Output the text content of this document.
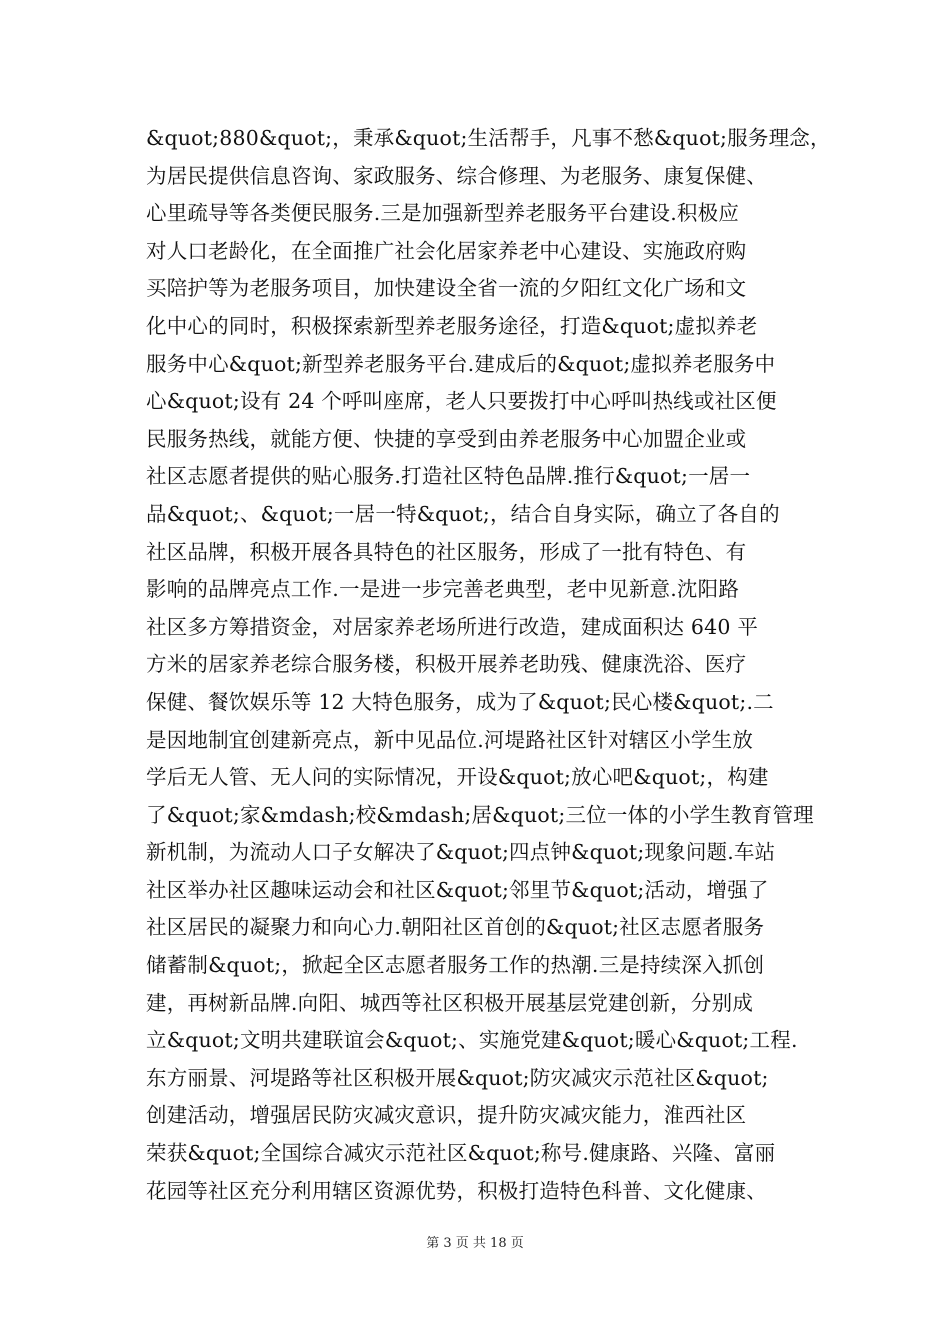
&quot;880&quot;，秉承&quot;生活帮手，凡事不愁&quot;服务理念，
为居民提供信息咨询、家政服务、综合修理、为老服务、康复保健、
心里疏导等各类便民服务.三是加强新型养老服务平台建设.积极应
对人口老龄化，在全面推广社会化居家养老中心建设、实施政府购
买陪护等为老服务项目，加快建设全省一流的夕阳红文化广场和文
化中心的同时，积极探索新型养老服务途径，打造&quot;虚拟养老
服务中心&quot;新型养老服务平台.建成后的&quot;虚拟养老服务中
心&quot;设有 24 个呼叫座席，老人只要拨打中心呼叫热线或社区便
民服务热线，就能方便、快捷的享受到由养老服务中心加盟企业或
社区志愿者提供的贴心服务.打造社区特色品牌.推行&quot;一居一
品&quot;、&quot;一居一特&quot;，结合自身实际，确立了各自的
社区品牌，积极开展各具特色的社区服务，形成了一批有特色、有
影响的品牌亮点工作.一是进一步完善老典型，老中见新意.沈阳路
社区多方筹措资金，对居家养老场所进行改造，建成面积达 640 平
方米的居家养老综合服务楼，积极开展养老助残、健康洗浴、医疗
保健、餐饮娱乐等 12 大特色服务，成为了&quot;民心楼&quot;.二
是因地制宜创建新亮点，新中见品位.河堤路社区针对辖区小学生放
学后无人管、无人问的实际情况，开设&quot;放心吧&quot;，构建
了&quot;家&mdash;校&mdash;居&quot;三位一体的小学生教育管理
新机制，为流动人口子女解决了&quot;四点钟&quot;现象问题.车站
社区举办社区趣味运动会和社区&quot;邻里节&quot;活动，增强了
社区居民的凝聚力和向心力.朝阳社区首创的&quot;社区志愿者服务
储蓄制&quot;，掀起全区志愿者服务工作的热潮.三是持续深入抓创
建，再树新品牌.向阳、城西等社区积极开展基层党建创新，分别成
立&quot;文明共建联谊会&quot;、实施党建&quot;暖心&quot;工程.
东方丽景、河堤路等社区积极开展&quot;防灾减灾示范社区&quot;
创建活动，增强居民防灾减灾意识，提升防灾减灾能力，淮西社区
荣获&quot;全国综合减灾示范社区&quot;称号.健康路、兴隆、富丽
花园等社区充分利用辖区资源优势，积极打造特色科普、文化健康、
第 3 页 共 18 页
